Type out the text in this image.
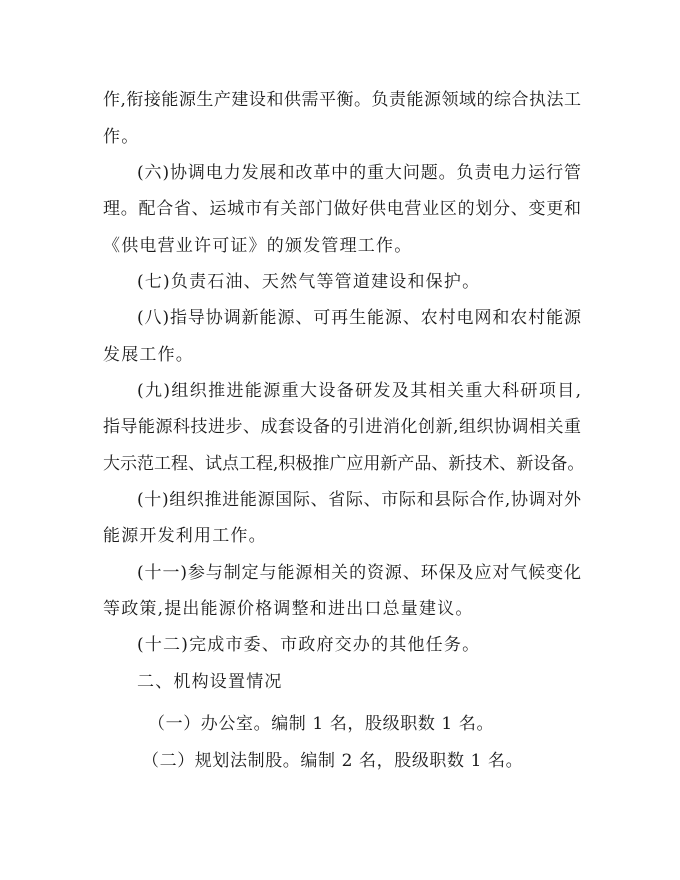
作,衔接能源生产建设和供需平衡。负责能源领域的综合执法工
作。
(六)协调电力发展和改革中的重大问题。负责电力运行管
理。配合省、运城市有关部门做好供电营业区的划分、变更和
《供电营业许可证》的颁发管理工作。
(七)负责石油、天然气等管道建设和保护。
(八)指导协调新能源、可再生能源、农村电网和农村能源
发展工作。
(九)组织推进能源重大设备研发及其相关重大科研项目,
指导能源科技进步、成套设备的引进消化创新,组织协调相关重
大示范工程、试点工程,积极推广应用新产品、新技术、新设备。
(十)组织推进能源国际、省际、市际和县际合作,协调对外
能源开发利用工作。
(十一)参与制定与能源相关的资源、环保及应对气候变化
等政策,提出能源价格调整和进出口总量建议。
(十二)完成市委、市政府交办的其他任务。
二、机构设置情况
（一）办公室。编制 1 名，股级职数 1 名。
（二）规划法制股。编制 2 名，股级职数 1 名。
